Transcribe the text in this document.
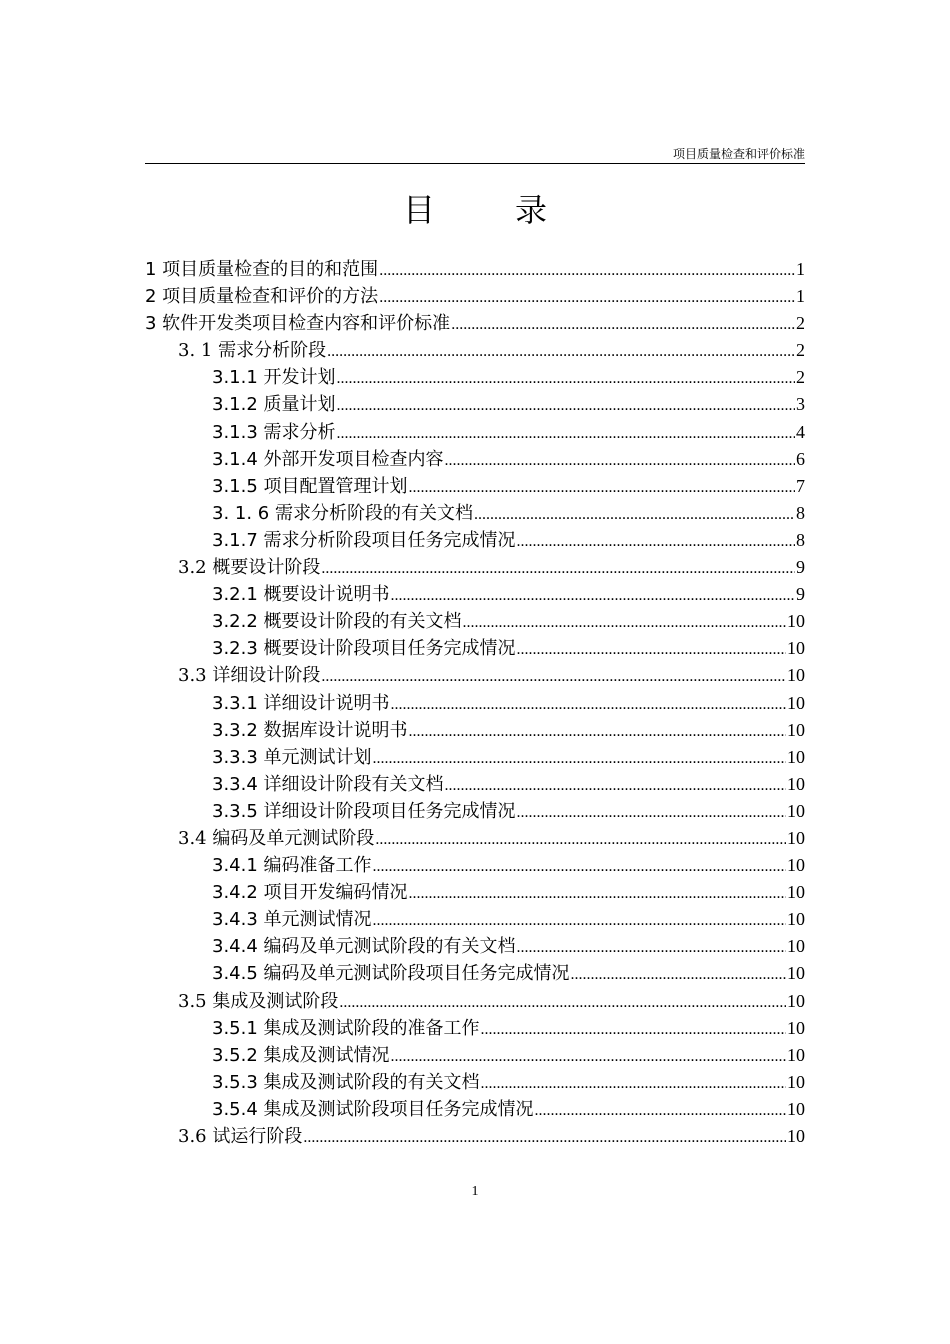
项目质量检查和评价标准
目录
1 项目质量检查的目的和范围 .....	1
2 项目质量检查和评价的方法 .....	1
3 软件开发类项目检查内容和评价标准 .....	2
3. 1 需求分析阶段 .....	2
3.1.1 开发计划 .....	2
3.1.2 质量计划 .....	3
3.1.3 需求分析 .....	4
3.1.4 外部开发项目检查内容 .....	6
3.1.5 项目配置管理计划 .....	7
3. 1. 6 需求分析阶段的有关文档 .....	8
3.1.7 需求分析阶段项目任务完成情况 .....	8
3.2 概要设计阶段 .....	9
3.2.1 概要设计说明书 .....	9
3.2.2 概要设计阶段的有关文档 .....	10
3.2.3 概要设计阶段项目任务完成情况 .....	10
3.3 详细设计阶段 .....	10
3.3.1 详细设计说明书 .....	10
3.3.2 数据库设计说明书 .....	10
3.3.3 单元测试计划 .....	10
3.3.4 详细设计阶段有关文档 .....	10
3.3.5 详细设计阶段项目任务完成情况 .....	10
3.4 编码及单元测试阶段 .....	10
3.4.1 编码准备工作 .....	10
3.4.2 项目开发编码情况 .....	10
3.4.3 单元测试情况 .....	10
3.4.4 编码及单元测试阶段的有关文档 .....	10
3.4.5 编码及单元测试阶段项目任务完成情况 .....	10
3.5 集成及测试阶段 .....	10
3.5.1 集成及测试阶段的准备工作 .....	10
3.5.2 集成及测试情况 .....	10
3.5.3 集成及测试阶段的有关文档 .....	10
3.5.4 集成及测试阶段项目任务完成情况 .....	10
3.6 试运行阶段 .....	10
1
